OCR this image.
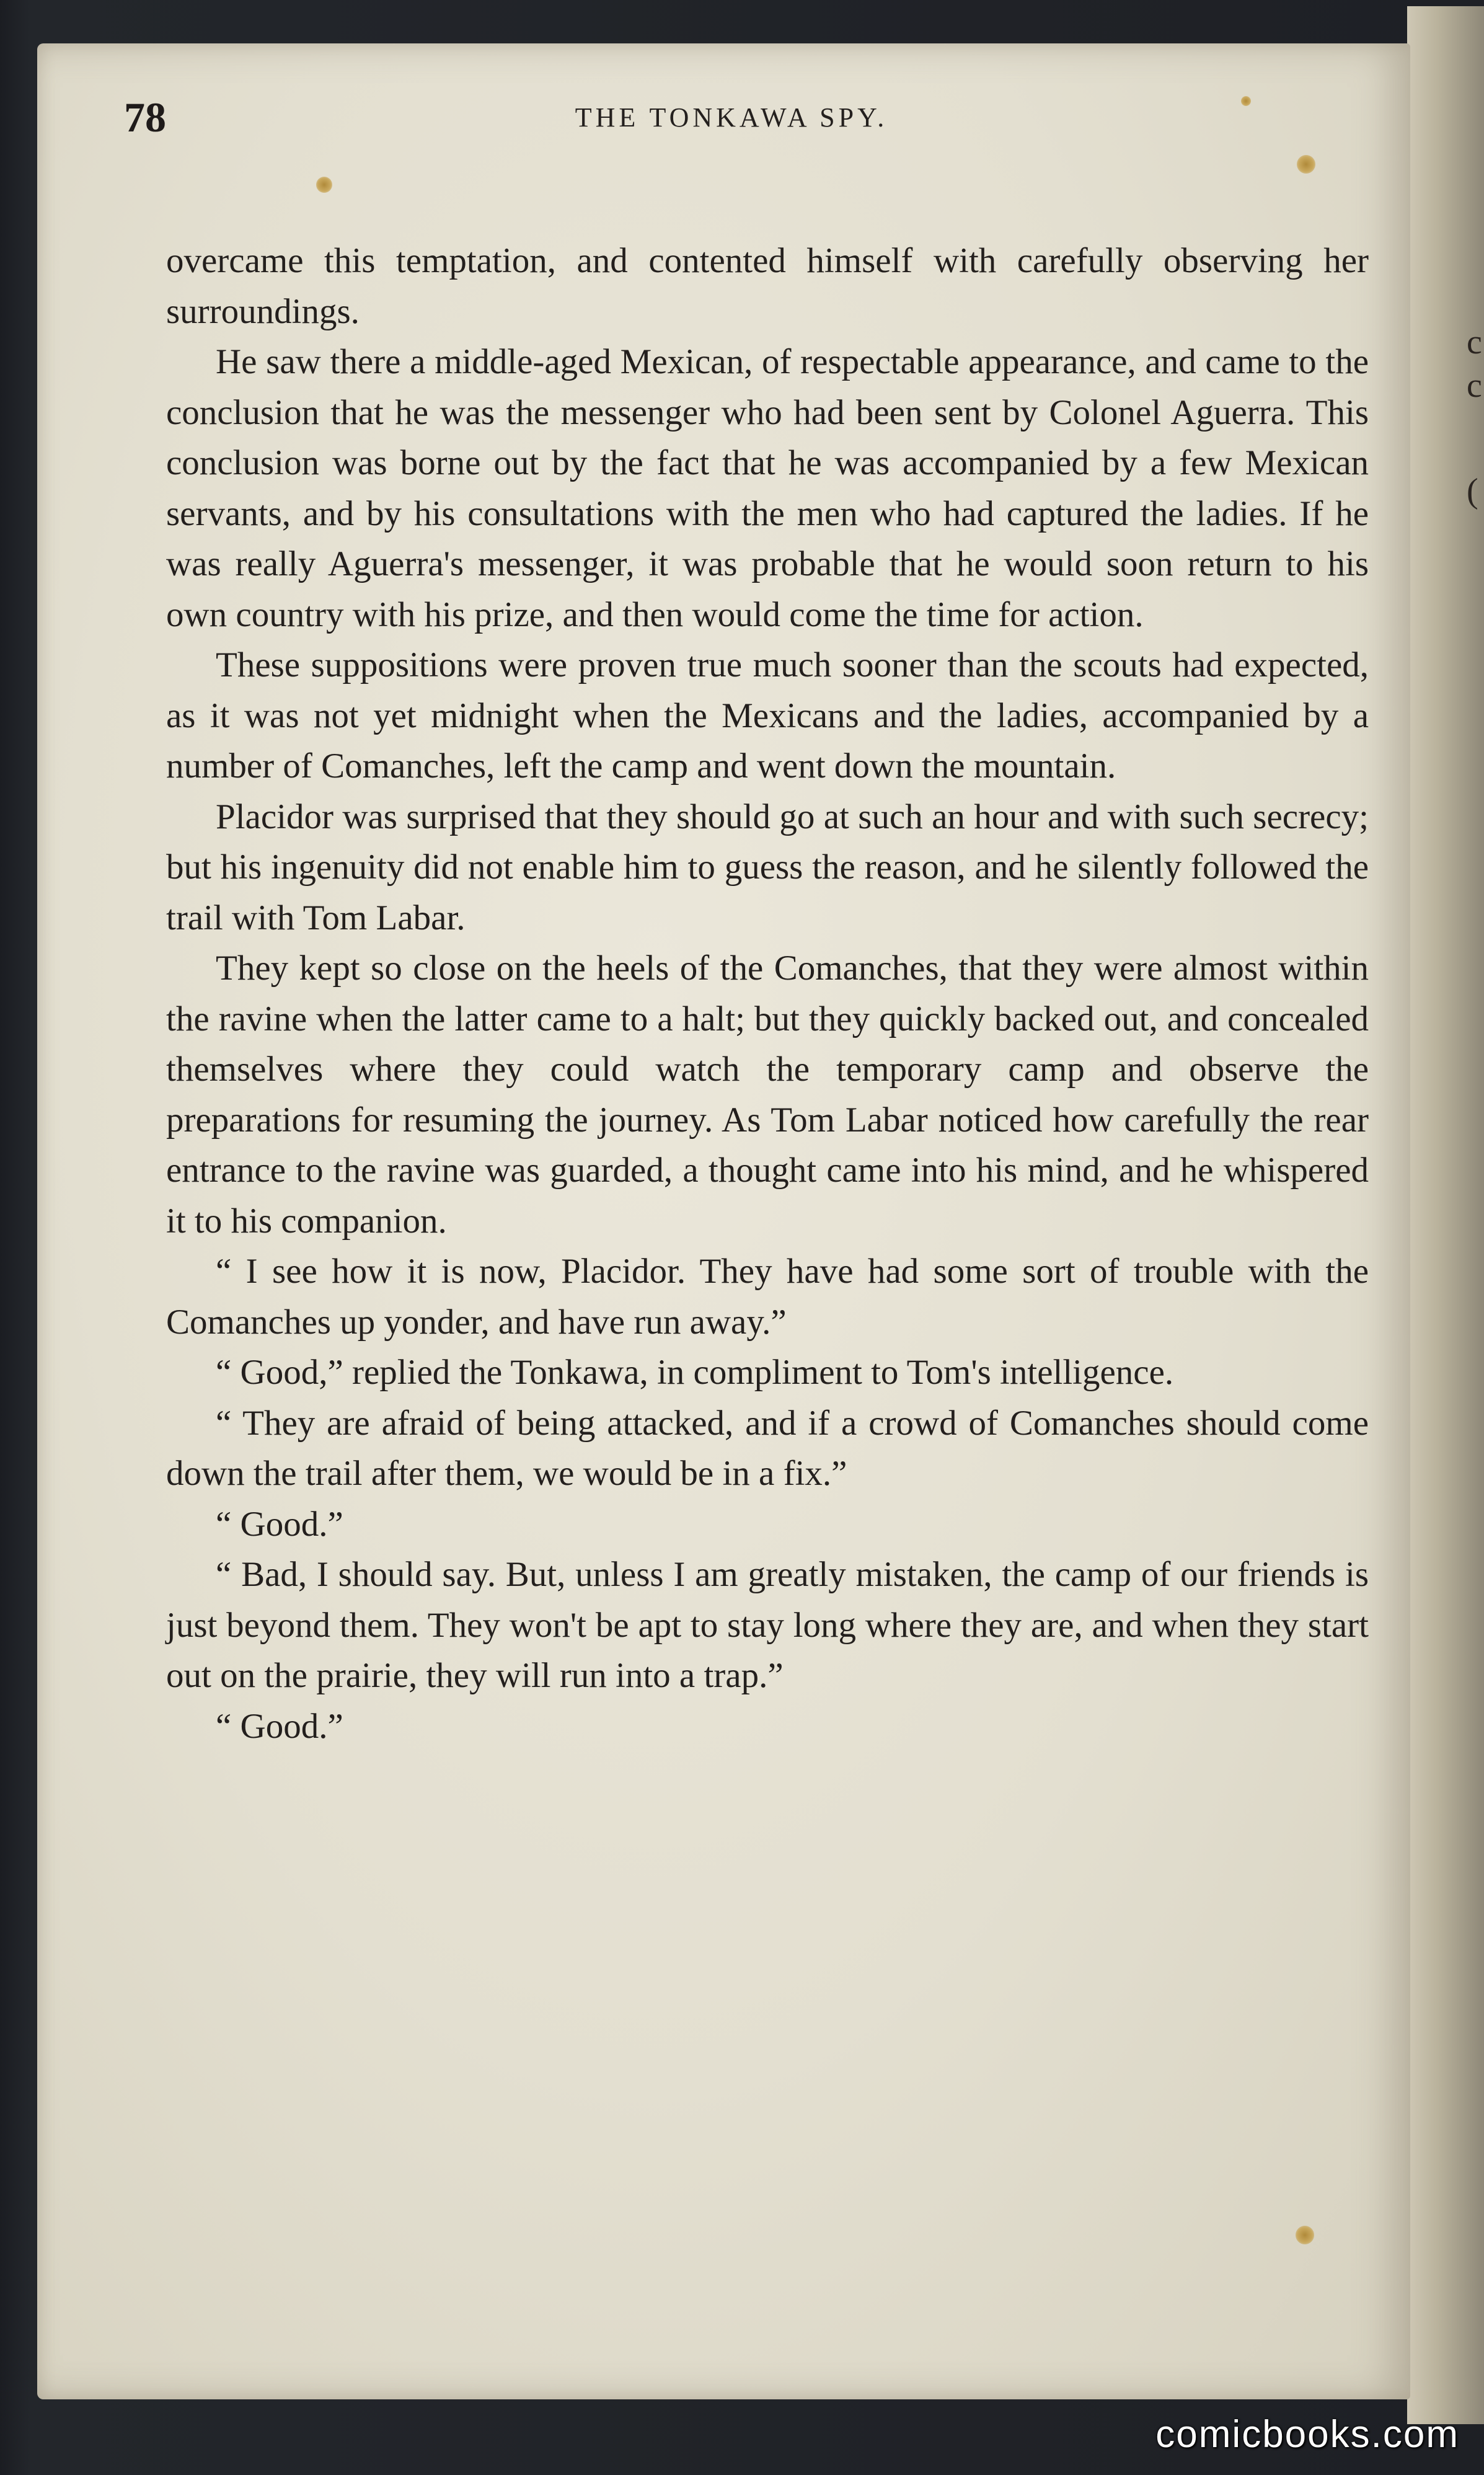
c
c
(
78	THE TONKAWA SPY.

overcame this temptation, and contented himself with carefully observing her surroundings.

He saw there a middle-aged Mexican, of respectable appearance, and came to the conclusion that he was the messenger who had been sent by Colonel Aguerra. This conclusion was borne out by the fact that he was accompanied by a few Mexican servants, and by his consultations with the men who had captured the ladies. If he was really Aguerra's messenger, it was probable that he would soon return to his own country with his prize, and then would come the time for action.

These suppositions were proven true much sooner than the scouts had expected, as it was not yet midnight when the Mexicans and the ladies, accompanied by a number of Comanches, left the camp and went down the mountain.

Placidor was surprised that they should go at such an hour and with such secrecy; but his ingenuity did not enable him to guess the reason, and he silently followed the trail with Tom Labar.

They kept so close on the heels of the Comanches, that they were almost within the ravine when the latter came to a halt; but they quickly backed out, and concealed themselves where they could watch the temporary camp and observe the preparations for resuming the journey. As Tom Labar noticed how carefully the rear entrance to the ravine was guarded, a thought came into his mind, and he whispered it to his companion.

“ I see how it is now, Placidor. They have had some sort of trouble with the Comanches up yonder, and have run away.”

“ Good,” replied the Tonkawa, in compliment to Tom's intelligence.

“ They are afraid of being attacked, and if a crowd of Comanches should come down the trail after them, we would be in a fix.”

“ Good.”

“ Bad, I should say. But, unless I am greatly mistaken, the camp of our friends is just beyond them. They won't be apt to stay long where they are, and when they start out on the prairie, they will run into a trap.”

“ Good.”

comicbooks.com
